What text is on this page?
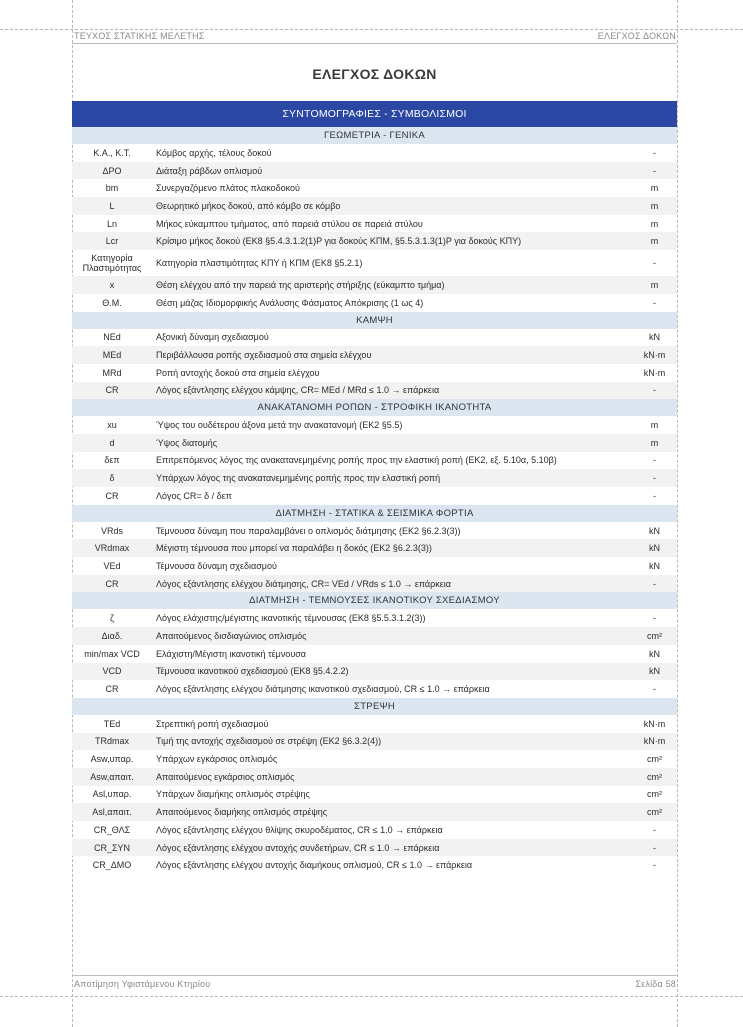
ΤΕΥΧΟΣ ΣΤΑΤΙΚΗΣ ΜΕΛΕΤΗΣ	ΕΛΕΓΧΟΣ ΔΟΚΩΝ
ΕΛΕΓΧΟΣ ΔΟΚΩΝ
ΣΥΝΤΟΜΟΓΡΑΦΙΕΣ - ΣΥΜΒΟΛΙΣΜΟΙ		
ΓΕΩΜΕΤΡΙΑ - ΓΕΝΙΚΑ		
Κ.Α., Κ.Τ.	Κόμβος αρχής, τέλους δοκού	-
ΔΡΟ	Διάταξη ράβδων οπλισμού	-
bm	Συνεργαζόμενο πλάτος πλακοδοκού	m
L	Θεωρητικό μήκος δοκού, από κόμβο σε κόμβο	m
Ln	Μήκος εύκαμπτου τμήματος, από παρειά στύλου σε παρειά στύλου	m
Lcr	Κρίσιμο μήκος δοκού (ΕΚ8 §5.4.3.1.2(1)P για δοκούς ΚΠΜ, §5.5.3.1.3(1)P για δοκούς ΚΠΥ)	m
Κατηγορία Πλαστιμότητας	Κατηγορία πλαστιμότητας ΚΠΥ ή ΚΠΜ (ΕΚ8 §5.2.1)	-
x	Θέση ελέγχου από την παρειά της αριστερής στήριξης (εύκαμπτο τμήμα)	m
Θ.Μ.	Θέση μάζας Ιδιομορφικής Ανάλυσης Φάσματος Απόκρισης (1 ως 4)	-
ΚΑΜΨΗ		
NEd	Αξονική δύναμη σχεδιασμού	kN
MEd	Περιβάλλουσα ροπής σχεδιασμού στα σημεία ελέγχου	kN·m
MRd	Ροπή αντοχής δοκού στα σημεία ελέγχου	kN·m
CR	Λόγος εξάντλησης ελέγχου κάμψης, CR= MEd / MRd ≤ 1.0 → επάρκεια	-
ΑΝΑΚΑΤΑΝΟΜΗ ΡΟΠΩΝ - ΣΤΡΟΦΙΚΗ ΙΚΑΝΟΤΗΤΑ		
xu	Ύψος του ουδέτερου άξονα μετά την ανακατανομή (ΕΚ2 §5.5)	m
d	Ύψος διατομής	m
δεπ	Επιτρεπόμενος λόγος της ανακατανεμημένης ροπής προς την ελαστική ροπή (ΕΚ2, εξ. 5.10α, 5.10β)	-
δ	Υπάρχων λόγος της ανακατανεμημένης ροπής προς την ελαστική ροπή	-
CR	Λόγος CR= δ / δεπ	-
ΔΙΑΤΜΗΣΗ - ΣΤΑΤΙΚΑ & ΣΕΙΣΜΙΚΑ ΦΟΡΤΙΑ		
VRds	Τέμνουσα δύναμη που παραλαμβάνει ο οπλισμός διάτμησης (ΕΚ2 §6.2.3(3))	kN
VRdmax	Μέγιστη τέμνουσα που μπορεί να παραλάβει η δοκός (ΕΚ2 §6.2.3(3))	kN
VEd	Τέμνουσα δύναμη σχεδιασμού	kN
CR	Λόγος εξάντλησης ελέγχου διάτμησης, CR= VEd / VRds ≤ 1.0 → επάρκεια	-
ΔΙΑΤΜΗΣΗ - ΤΕΜΝΟΥΣΕΣ ΙΚΑΝΟΤΙΚΟΥ ΣΧΕΔΙΑΣΜΟΥ		
ζ	Λόγος ελάχιστης/μέγιστης ικανοτικής τέμνουσας (ΕΚ8 §5.5.3.1.2(3))	-
Διαδ.	Απαιτούμενος δισδιαγώνιος οπλισμός	cm²
min/max VCD	Ελάχιστη/Μέγιστη ικανοτική τέμνουσα	kN
VCD	Τέμνουσα ικανοτικού σχεδιασμού (ΕΚ8 §5.4.2.2)	kN
CR	Λόγος εξάντλησης ελέγχου διάτμησης ικανοτικού σχεδιασμού, CR ≤ 1.0 → επάρκεια	-
ΣΤΡΕΨΗ		
TEd	Στρεπτική ροπή σχεδιασμού	kN·m
TRdmax	Τιμή της αντοχής σχεδιασμού σε στρέψη (ΕΚ2 §6.3.2(4))	kN·m
Asw,υπαρ.	Υπάρχων εγκάρσιος οπλισμός	cm²
Asw,απαιτ.	Απαιτούμενος εγκάρσιος οπλισμός	cm²
Asl,υπαρ.	Υπάρχων διαμήκης οπλισμός στρέψης	cm²
Asl,απαιτ.	Απαιτούμενος διαμήκης οπλισμός στρέψης	cm²
CR_ΘΛΣ	Λόγος εξάντλησης ελέγχου θλίψης σκυροδέματος, CR ≤ 1.0 → επάρκεια	-
CR_ΣΥΝ	Λόγος εξάντλησης ελέγχου αντοχής συνδετήρων, CR ≤ 1.0 → επάρκεια	-
CR_ΔΜΟ	Λόγος εξάντλησης ελέγχου αντοχής διαμήκους οπλισμού, CR ≤ 1.0 → επάρκεια	-
Αποτίμηση Υφιστάμενου Κτηρίου	Σελίδα 58
